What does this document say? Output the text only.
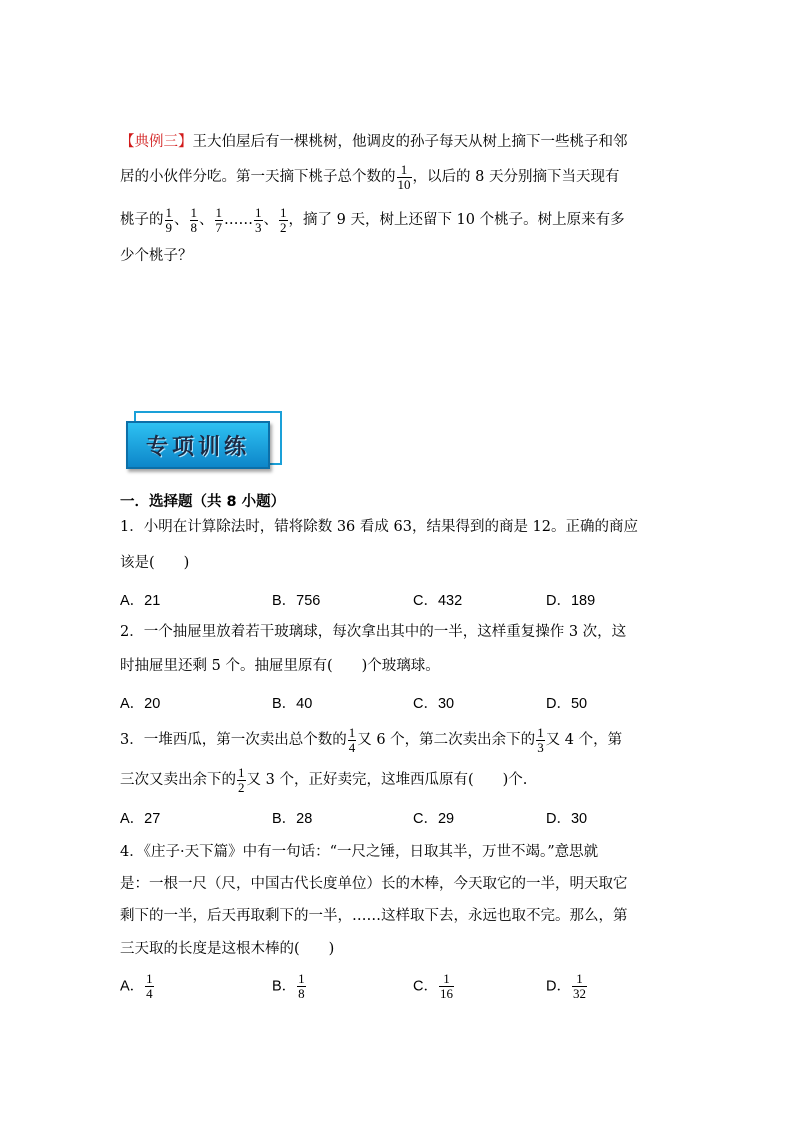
【典例三】王大伯屋后有一棵桃树，他调皮的孙子每天从树上摘下一些桃子和邻
居的小伙伴分吃。第一天摘下桃子总个数的 $\frac{1}{10}$ ，以后的 8 天分别摘下当天现有
桃子的 $\frac{1}{9}$ 、 $\frac{1}{8}$ 、 $\frac{1}{7}$ …… $\frac{1}{3}$ 、 $\frac{1}{2}$ ，摘了 9 天，树上还留下 10 个桃子。树上原来有多
少个桃子？
专项训练
一．选择题（共 8 小题）
1．小明在计算除法时，错将除数 36 看成 63，结果得到的商是 12。正确的商应
该是(　　)
A．21	B．756	C．432	D．189
2．一个抽屉里放着若干玻璃球，每次拿出其中的一半，这样重复操作 3 次，这
时抽屉里还剩 5 个。抽屉里原有(　　)个玻璃球。
A．20	B．40	C．30	D．50
3．一堆西瓜，第一次卖出总个数的 $\frac{1}{4}$ 又 6 个，第二次卖出余下的 $\frac{1}{3}$ 又 4 个，第
三次又卖出余下的 $\frac{1}{2}$ 又 3 个，正好卖完，这堆西瓜原有(　　)个.
A．27	B．28	C．29	D．30
4．《庄子·天下篇》中有一句话：“一尺之锤，日取其半，万世不竭。”意思就
是：一根一尺（尺，中国古代长度单位）长的木棒，今天取它的一半，明天取它
剩下的一半，后天再取剩下的一半，……这样取下去，永远也取不完。那么，第
三天取的长度是这根木棒的(　　)
A． $\frac{1}{4}$	B． $\frac{1}{8}$	C． $\frac{1}{16}$	D． $\frac{1}{32}$
